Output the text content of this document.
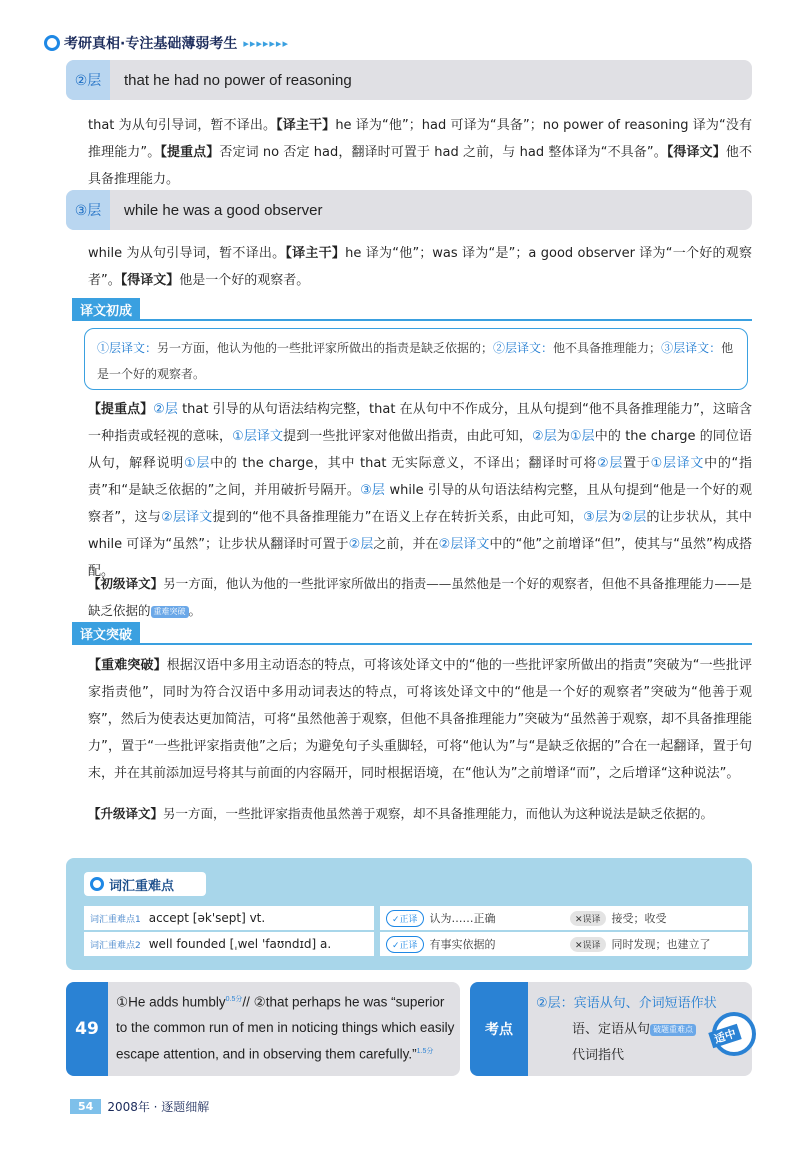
考研真相·专注基础薄弱考生 ▸▸▸▸▸▸▸
②层	that he had no power of reasoning
that 为从句引导词，暂不译出。【译主干】he 译为“他”；had 可译为“具备”；no power of reasoning 译为“没有推理能力”。【提重点】否定词 no 否定 had，翻译时可置于 had 之前，与 had 整体译为“不具备”。【得译文】他不具备推理能力。
③层	while he was a good observer
while 为从句引导词，暂不译出。【译主干】he 译为“他”；was 译为“是”；a good observer 译为“一个好的观察者”。【得译文】他是一个好的观察者。
译文初成
①层译文：另一方面，他认为他的一些批评家所做出的指责是缺乏依据的；②层译文：他不具备推理能力；③层译文：他是一个好的观察者。
【提重点】②层 that 引导的从句语法结构完整，that 在从句中不作成分，且从句提到“他不具备推理能力”，这暗含一种指责或轻视的意味，①层译文提到一些批评家对他做出指责，由此可知，②层为①层中的 the charge 的同位语从句，解释说明①层中的 the charge，其中 that 无实际意义，不译出；翻译时可将②层置于①层译文中的“指责”和“是缺乏依据的”之间，并用破折号隔开。③层 while 引导的从句语法结构完整，且从句提到“他是一个好的观察者”，这与②层译文提到的“他不具备推理能力”在语义上存在转折关系，由此可知，③层为②层的让步状从，其中 while 可译为“虽然”；让步状从翻译时可置于②层之前，并在②层译文中的“他”之前增译“但”，使其与“虽然”构成搭配。
【初级译文】另一方面，他认为他的一些批评家所做出的指责——虽然他是一个好的观察者，但他不具备推理能力——是缺乏依据的 重难突破 。
译文突破
【重难突破】根据汉语中多用主动语态的特点，可将该处译文中的“他的一些批评家所做出的指责”突破为“一些批评家指责他”，同时为符合汉语中多用动词表达的特点，可将该处译文中的“他是一个好的观察者”突破为“他善于观察”，然后为使表达更加简洁，可将“虽然他善于观察，但他不具备推理能力”突破为“虽然善于观察，却不具备推理能力”，置于“一些批评家指责他”之后；为避免句子头重脚轻，可将“他认为”与“是缺乏依据的”合在一起翻译，置于句末，并在其前添加逗号将其与前面的内容隔开，同时根据语境，在“他认为”之前增译“而”，之后增译“这种说法”。
【升级译文】另一方面，一些批评家指责他虽然善于观察，却不具备推理能力，而他认为这种说法是缺乏依据的。
词汇重难点
词汇重难点1 accept [ək'sept] vt.	✓正译	认为……正确	✕误译	接受；收受
词汇重难点2 well founded [ˌwel 'faʊndɪd] a.	✓正译	有事实依据的	✕误译	同时发现；也建立了
49
①He adds humbly$^{0.5分}$// ②that perhaps he was “superior
to the common run of men in noticing things which easily
escape attention, and in observing them carefully.”$^{1.5分}$
考点
②层：宾语从句、介词短语作状
语、定语从句 破题重难点
代词指代
适中
54	2008年 · 逐题细解
